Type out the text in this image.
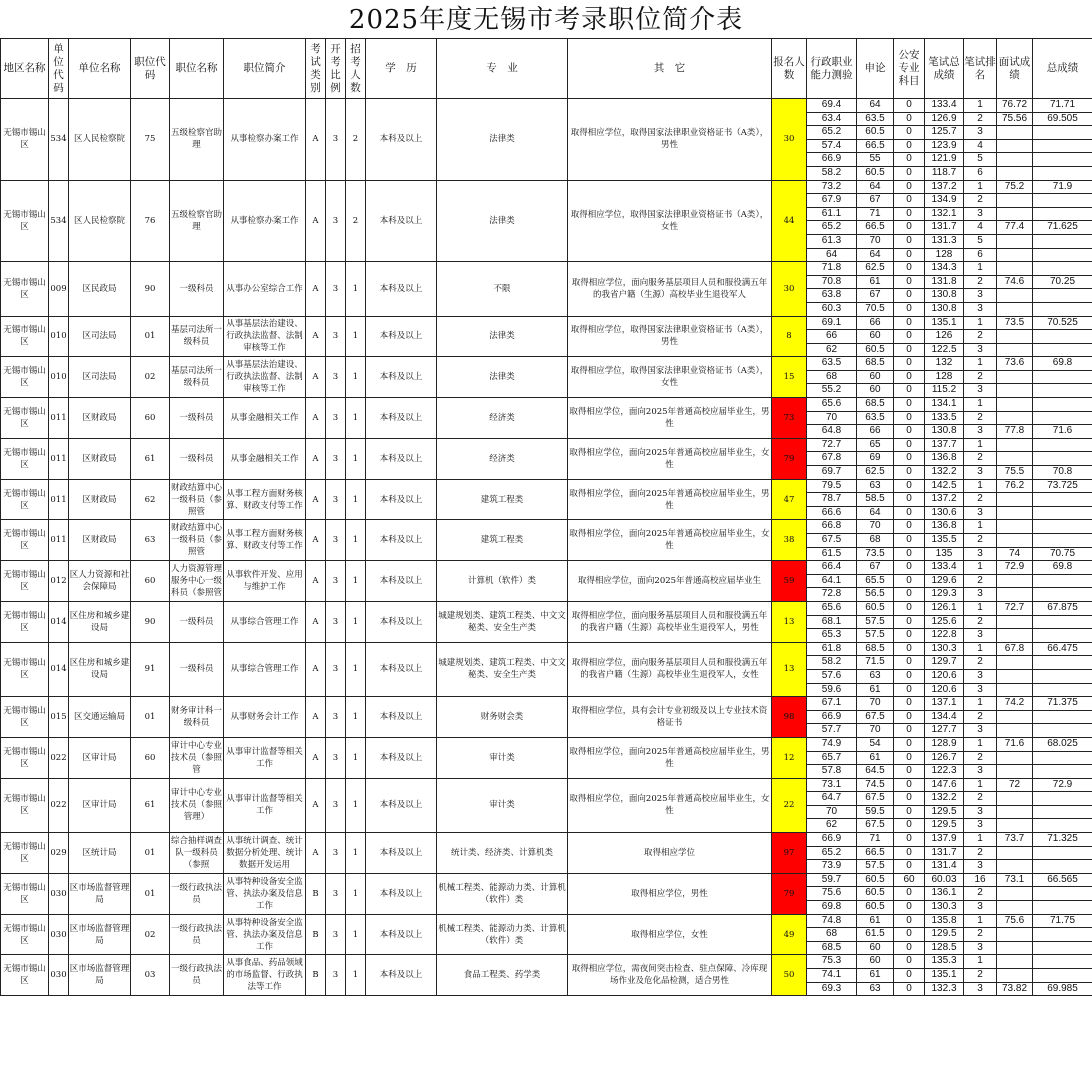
2025年度无锡市考录职位简介表
地区名称	单位代码	单位名称	职位代码	职位名称	职位简介	考试类别	开考比例	招考人数	学　历	专　业	其　它	报名人数	行政职业能力测验	申论	公安专业科目	笔试总成绩	笔试排名	面试成绩	总成绩
无锡市锡山区	534	区人民检察院	75	五级检察官助理	从事检察办案工作	A	3	2	本科及以上	法律类	取得相应学位，取得国家法律职业资格证书（A类），男性	30	69.4	64	0	133.4	1	76.72	71.71
													63.4	63.5	0	126.9	2	75.56	69.505
													65.2	60.5	0	125.7	3		
													57.4	66.5	0	123.9	4		
													66.9	55	0	121.9	5		
													58.2	60.5	0	118.7	6		
无锡市锡山区	534	区人民检察院	76	五级检察官助理	从事检察办案工作	A	3	2	本科及以上	法律类	取得相应学位，取得国家法律职业资格证书（A类），女性	44	73.2	64	0	137.2	1	75.2	71.9
													67.9	67	0	134.9	2		
													61.1	71	0	132.1	3		
													65.2	66.5	0	131.7	4	77.4	71.625
													61.3	70	0	131.3	5		
													64	64	0	128	6		
无锡市锡山区	009	区民政局	90	一级科员	从事办公室综合工作	A	3	1	本科及以上	不限	取得相应学位，面向服务基层项目人员和服役满五年的我省户籍（生源）高校毕业生退役军人	30	71.8	62.5	0	134.3	1		
													70.8	61	0	131.8	2	74.6	70.25
													63.8	67	0	130.8	3		
													60.3	70.5	0	130.8	3		
无锡市锡山区	010	区司法局	01	基层司法所一级科员	从事基层法治建设、行政执法监督、法制审核等工作	A	3	1	本科及以上	法律类	取得相应学位，取得国家法律职业资格证书（A类），男性	8	69.1	66	0	135.1	1	73.5	70.525
													66	60	0	126	2		
													62	60.5	0	122.5	3		
无锡市锡山区	010	区司法局	02	基层司法所一级科员	从事基层法治建设、行政执法监督、法制审核等工作	A	3	1	本科及以上	法律类	取得相应学位，取得国家法律职业资格证书（A类），女性	15	63.5	68.5	0	132	1	73.6	69.8
													68	60	0	128	2		
													55.2	60	0	115.2	3		
无锡市锡山区	011	区财政局	60	一级科员	从事金融相关工作	A	3	1	本科及以上	经济类	取得相应学位，面向2025年普通高校应届毕业生，男性	73	65.6	68.5	0	134.1	1		
													70	63.5	0	133.5	2		
													64.8	66	0	130.8	3	77.8	71.6
无锡市锡山区	011	区财政局	61	一级科员	从事金融相关工作	A	3	1	本科及以上	经济类	取得相应学位，面向2025年普通高校应届毕业生，女性	79	72.7	65	0	137.7	1		
													67.8	69	0	136.8	2		
													69.7	62.5	0	132.2	3	75.5	70.8
无锡市锡山区	011	区财政局	62	财政结算中心一级科员（参照管	从事工程方面财务核算、财政支付等工作	A	3	1	本科及以上	建筑工程类	取得相应学位，面向2025年普通高校应届毕业生，男性	47	79.5	63	0	142.5	1	76.2	73.725
													78.7	58.5	0	137.2	2		
													66.6	64	0	130.6	3		
无锡市锡山区	011	区财政局	63	财政结算中心一级科员（参照管	从事工程方面财务核算、财政支付等工作	A	3	1	本科及以上	建筑工程类	取得相应学位，面向2025年普通高校应届毕业生，女性	38	66.8	70	0	136.8	1		
													67.5	68	0	135.5	2		
													61.5	73.5	0	135	3	74	70.75
无锡市锡山区	012	区人力资源和社会保障局	60	人力资源管理服务中心一级科员（参照管	从事软件开发、应用与维护工作	A	3	1	本科及以上	计算机（软件）类	取得相应学位，面向2025年普通高校应届毕业生	59	66.4	67	0	133.4	1	72.9	69.8
													64.1	65.5	0	129.6	2		
													72.8	56.5	0	129.3	3		
无锡市锡山区	014	区住房和城乡建设局	90	一级科员	从事综合管理工作	A	3	1	本科及以上	城建规划类、建筑工程类、中文文秘类、安全生产类	取得相应学位，面向服务基层项目人员和服役满五年的我省户籍（生源）高校毕业生退役军人，男性	13	65.6	60.5	0	126.1	1	72.7	67.875
													68.1	57.5	0	125.6	2		
													65.3	57.5	0	122.8	3		
无锡市锡山区	014	区住房和城乡建设局	91	一级科员	从事综合管理工作	A	3	1	本科及以上	城建规划类、建筑工程类、中文文秘类、安全生产类	取得相应学位，面向服务基层项目人员和服役满五年的我省户籍（生源）高校毕业生退役军人，女性	13	61.8	68.5	0	130.3	1	67.8	66.475
													58.2	71.5	0	129.7	2		
													57.6	63	0	120.6	3		
													59.6	61	0	120.6	3		
无锡市锡山区	015	区交通运输局	01	财务审计科一级科员	从事财务会计工作	A	3	1	本科及以上	财务财会类	取得相应学位，具有会计专业初级及以上专业技术资格证书	98	67.1	70	0	137.1	1	74.2	71.375
													66.9	67.5	0	134.4	2		
													57.7	70	0	127.7	3		
无锡市锡山区	022	区审计局	60	审计中心专业技术员（参照管	从事审计监督等相关工作	A	3	1	本科及以上	审计类	取得相应学位，面向2025年普通高校应届毕业生，男性	12	74.9	54	0	128.9	1	71.6	68.025
													65.7	61	0	126.7	2		
													57.8	64.5	0	122.3	3		
无锡市锡山区	022	区审计局	61	审计中心专业技术员（参照管理）	从事审计监督等相关工作	A	3	1	本科及以上	审计类	取得相应学位，面向2025年普通高校应届毕业生，女性	22	73.1	74.5	0	147.6	1	72	72.9
													64.7	67.5	0	132.2	2		
													70	59.5	0	129.5	3		
													62	67.5	0	129.5	3		
无锡市锡山区	029	区统计局	01	综合抽样调查队一级科员（参照	从事统计调查、统计数据分析处理、统计数据开发运用	A	3	1	本科及以上	统计类、经济类、计算机类	取得相应学位	97	66.9	71	0	137.9	1	73.7	71.325
													65.2	66.5	0	131.7	2		
													73.9	57.5	0	131.4	3		
无锡市锡山区	030	区市场监督管理局	01	一级行政执法员	从事特种设备安全监管、执法办案及信息工作	B	3	1	本科及以上	机械工程类、能源动力类、计算机（软件）类	取得相应学位，男性	79	59.7	60.5	60	60.03	16	73.1	66.565
													75.6	60.5	0	136.1	2		
													69.8	60.5	0	130.3	3		
无锡市锡山区	030	区市场监督管理局	02	一级行政执法员	从事特种设备安全监管、执法办案及信息工作	B	3	1	本科及以上	机械工程类、能源动力类、计算机（软件）类	取得相应学位，女性	49	74.8	61	0	135.8	1	75.6	71.75
													68	61.5	0	129.5	2		
													68.5	60	0	128.5	3		
无锡市锡山区	030	区市场监督管理局	03	一级行政执法员	从事食品、药品领域的市场监督、行政执法等工作	B	3	1	本科及以上	食品工程类、药学类	取得相应学位，需夜间突击检查、驻点保障、冷库现场作业及危化品检测，适合男性	50	75.3	60	0	135.3	1		
													74.1	61	0	135.1	2		
													69.3	63	0	132.3	3	73.82	69.985
